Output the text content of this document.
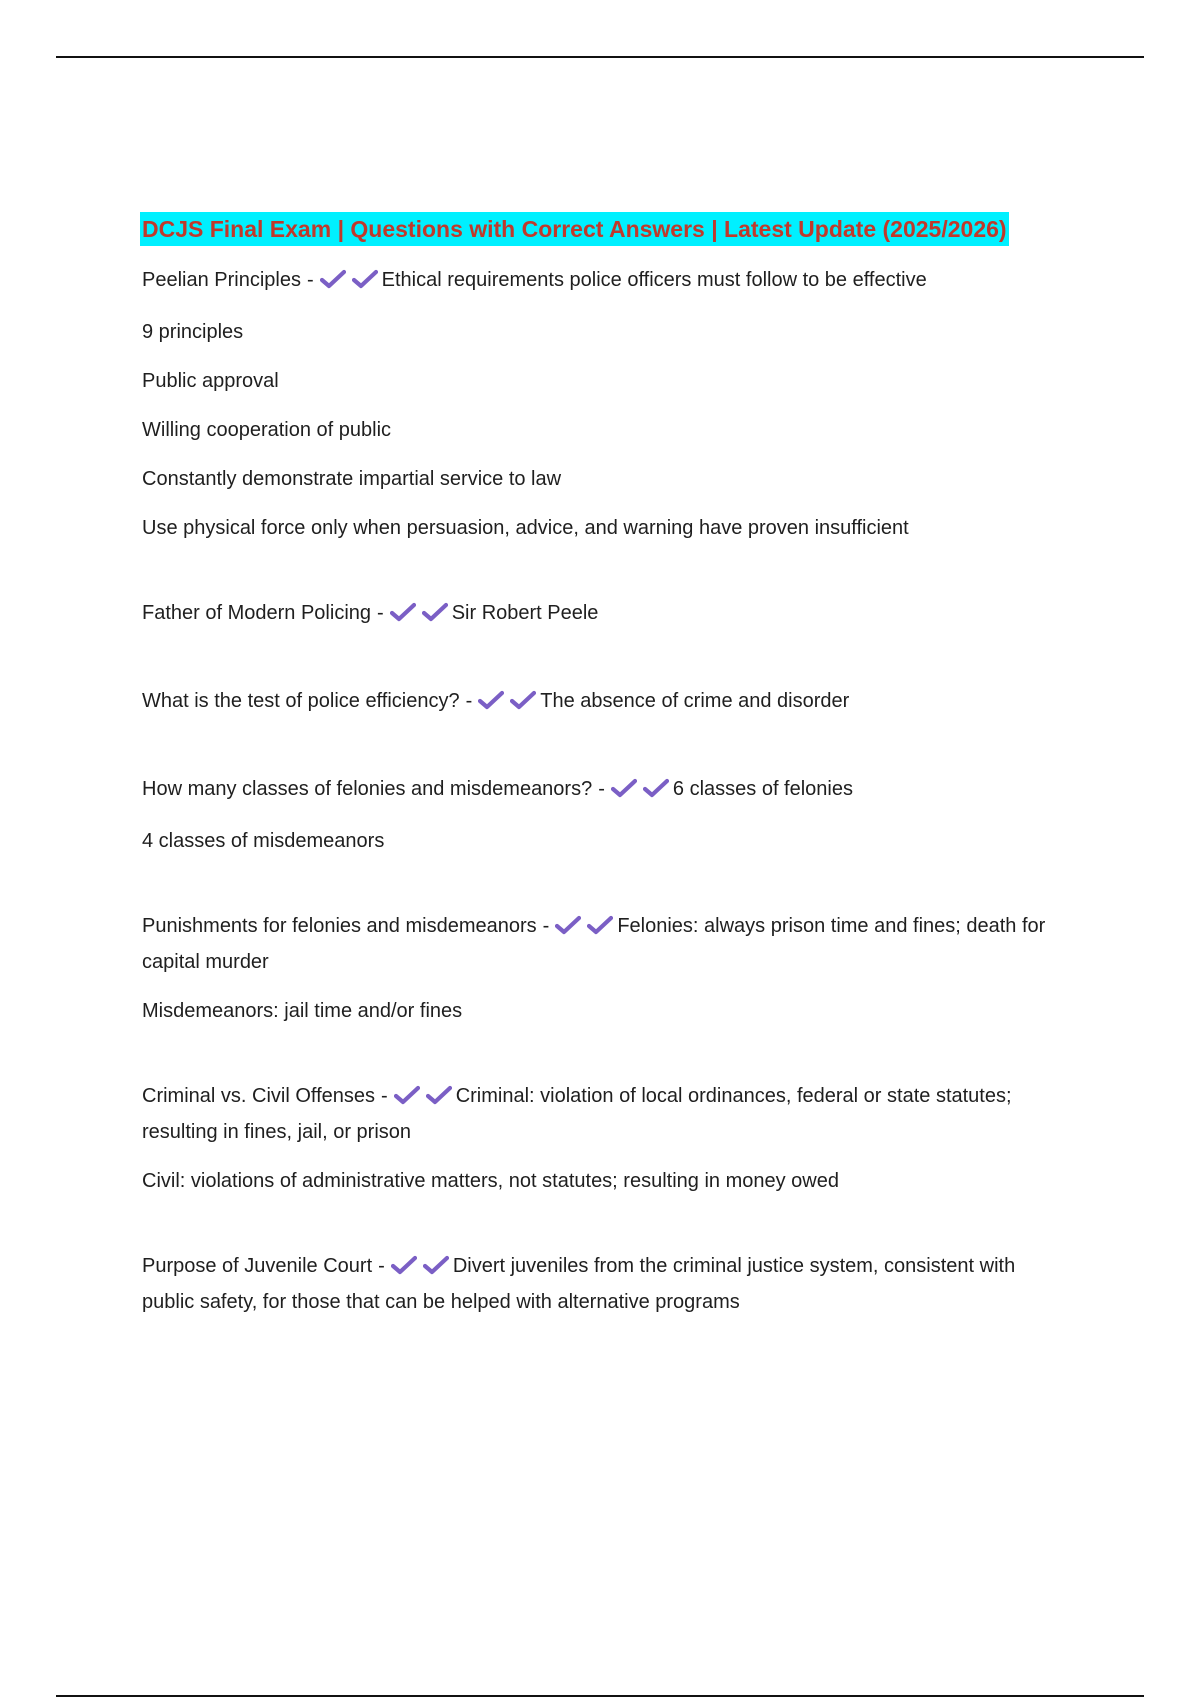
DCJS Final Exam | Questions with Correct Answers | Latest Update (2025/2026)
Peelian Principles -	Ethical requirements police officers must follow to be effective
9 principles
Public approval
Willing cooperation of public
Constantly demonstrate impartial service to law
Use physical force only when persuasion, advice, and warning have proven insufficient
Father of Modern Policing -	Sir Robert Peele
What is the test of police efficiency? -	The absence of crime and disorder
How many classes of felonies and misdemeanors? -	6 classes of felonies
4 classes of misdemeanors
Punishments for felonies and misdemeanors -	Felonies: always prison time and fines; death for capital murder
Misdemeanors: jail time and/or fines
Criminal vs. Civil Offenses -	Criminal: violation of local ordinances, federal or state statutes; resulting in fines, jail, or prison
Civil: violations of administrative matters, not statutes; resulting in money owed
Purpose of Juvenile Court -	Divert juveniles from the criminal justice system, consistent with public safety, for those that can be helped with alternative programs
